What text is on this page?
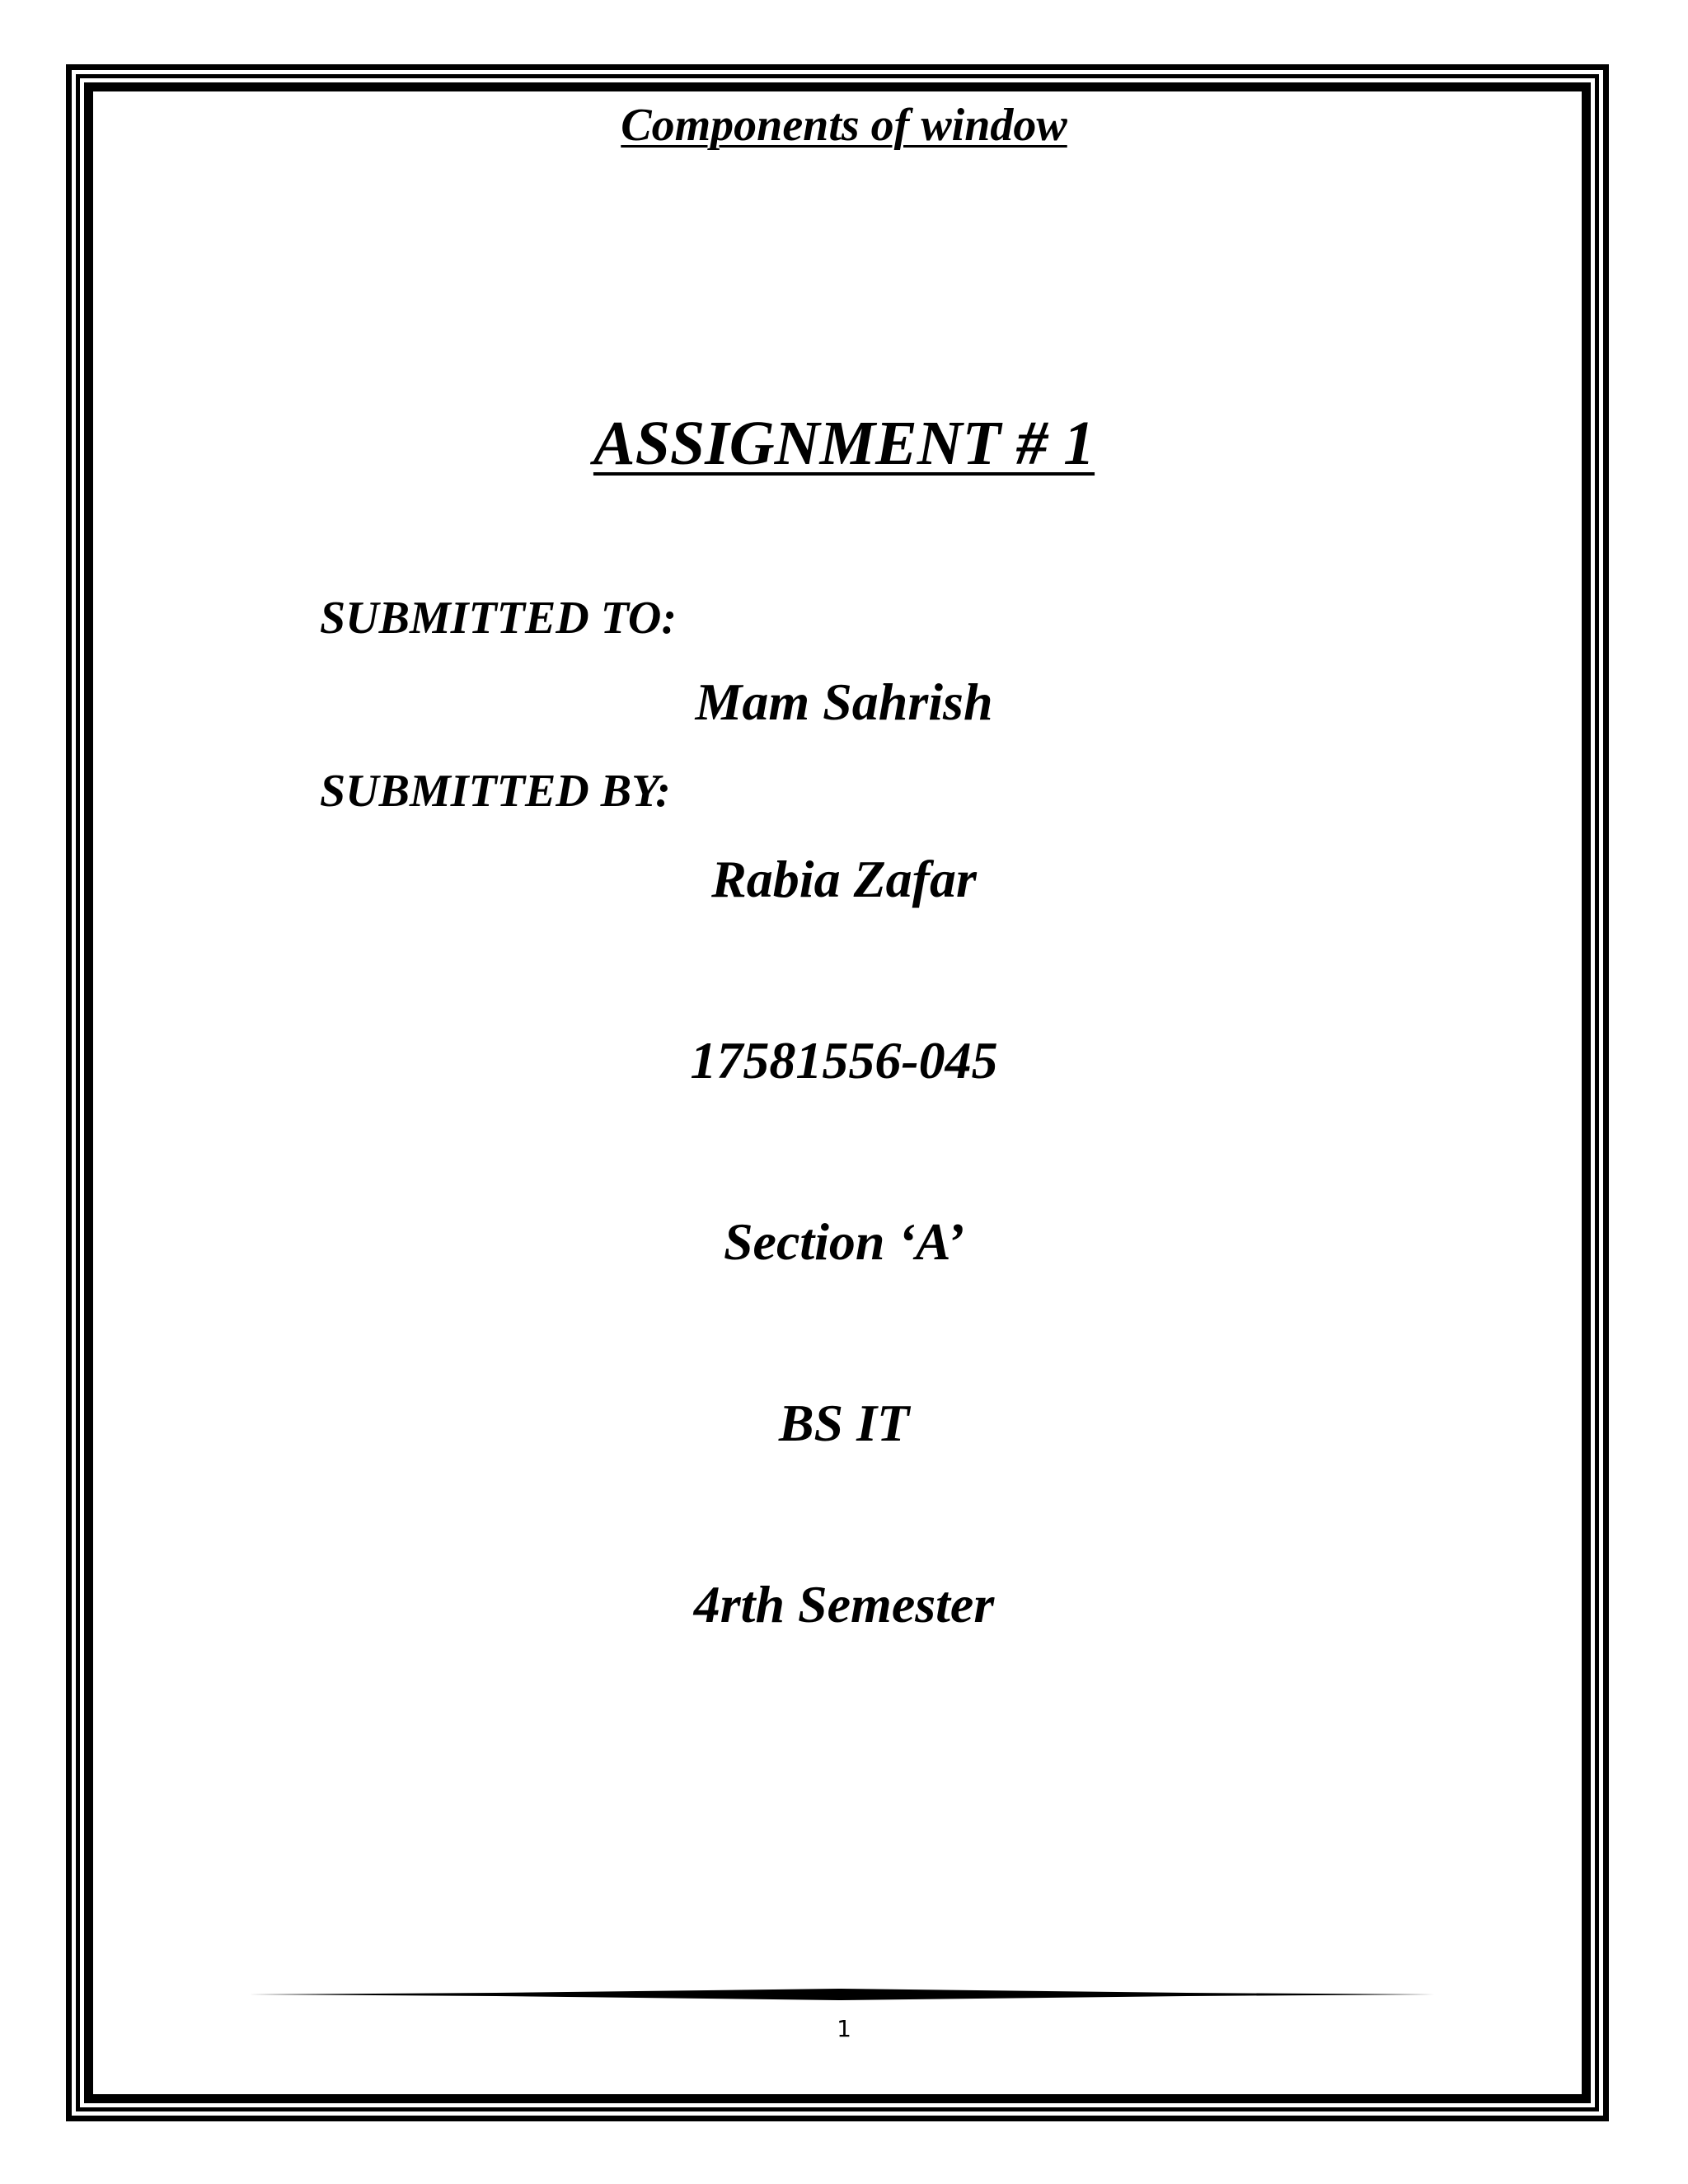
Components of window
ASSIGNMENT # 1
SUBMITTED TO:
Mam Sahrish
SUBMITTED BY:
Rabia Zafar
17581556-045
Section ‘A’
BS IT
4rth Semester
1
